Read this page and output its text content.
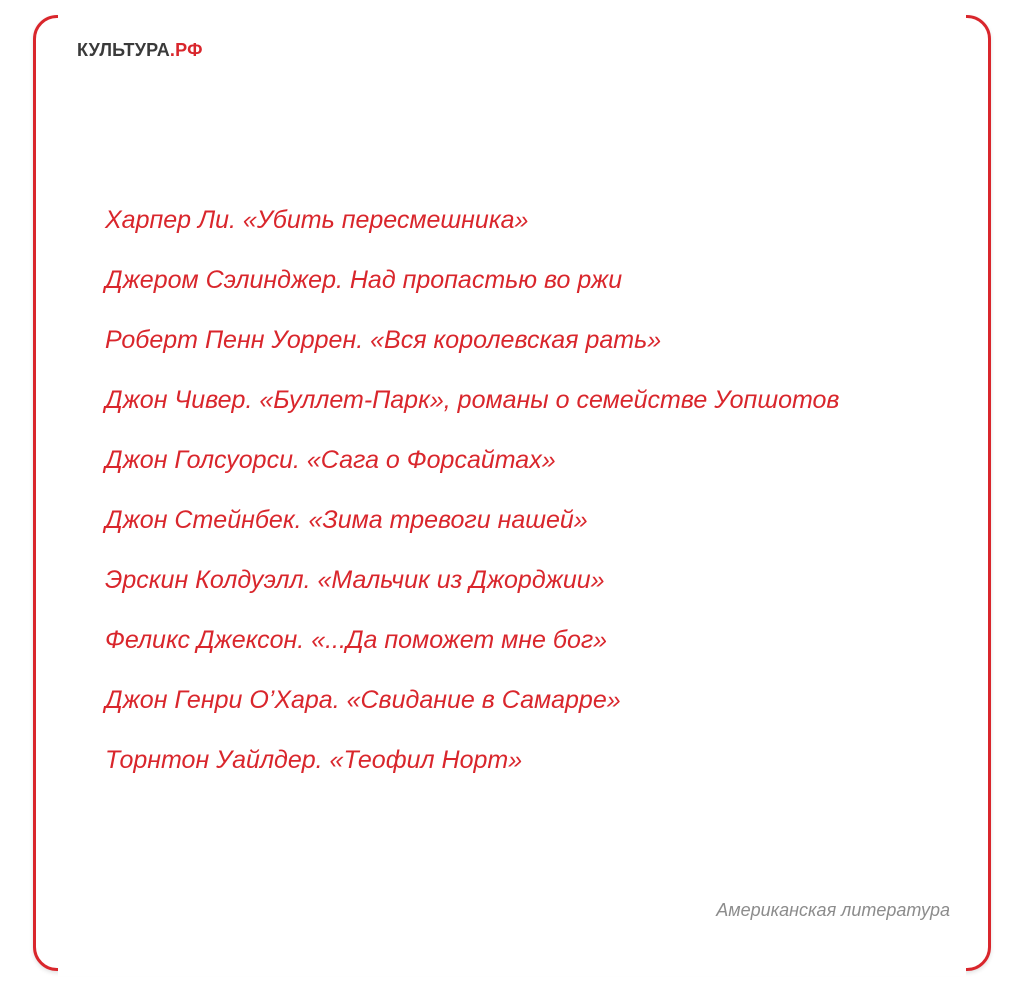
КУЛЬТУРА.РФ
Харпер Ли. «Убить пересмешника»
Джером Сэлинджер. Над пропастью во ржи
Роберт Пенн Уоррен. «Вся королевская рать»
Джон Чивер. «Буллет-Парк», романы о семействе Уопшотов
Джон Голсуорси. «Сага о Форсайтах»
Джон Стейнбек. «Зима тревоги нашей»
Эрскин Колдуэлл. «Мальчик из Джорджии»
Феликс Джексон. «...Да поможет мне бог»
Джон Генри О’Хара. «Свидание в Самарре»
Торнтон Уайлдер. «Теофил Норт»
Американская литература
